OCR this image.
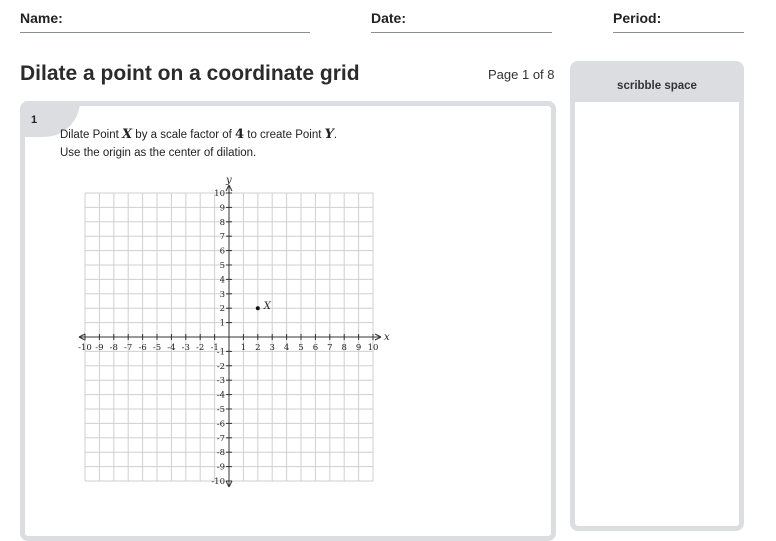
Name:	Date:	Period:
Dilate a point on a coordinate grid	Page 1 of 8
1
Dilate Point X by a scale factor of 4 to create Point Y.
Use the origin as the center of dilation.
x
y
-10 -9 -8 -7 -6 -5 -4 -3 -2 -1	1 2 3 4 5 6 7 8 9 10
10
9
8
7
6
5
4
3
2
1
-1
-2
-3
-4
-5
-6
-7
-8
-9
-10
X
scribble space
